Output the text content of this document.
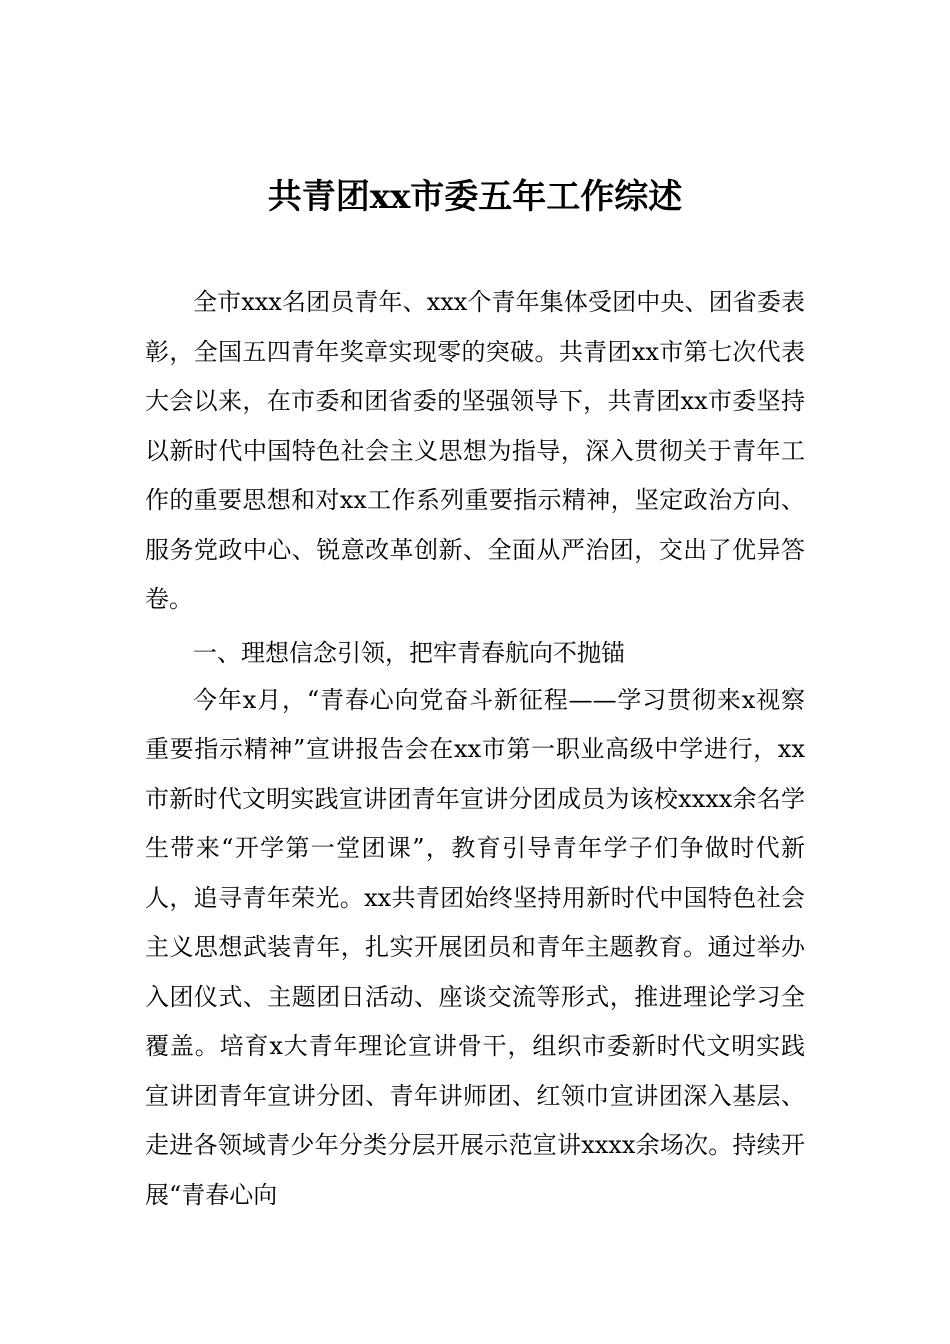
共青团xx市委五年工作综述

全市xxx名团员青年、xxx个青年集体受团中央、团省委表彰，全国五四青年奖章实现零的突破。共青团xx市第七次代表大会以来，在市委和团省委的坚强领导下，共青团xx市委坚持以新时代中国特色社会主义思想为指导，深入贯彻关于青年工作的重要思想和对xx工作系列重要指示精神，坚定政治方向、服务党政中心、锐意改革创新、全面从严治团，交出了优异答卷。

一、理想信念引领，把牢青春航向不抛锚

今年x月，“青春心向党奋斗新征程——学习贯彻来x视察重要指示精神”宣讲报告会在xx市第一职业高级中学进行，xx市新时代文明实践宣讲团青年宣讲分团成员为该校xxxx余名学生带来“开学第一堂团课”，教育引导青年学子们争做时代新人，追寻青年荣光。xx共青团始终坚持用新时代中国特色社会主义思想武装青年，扎实开展团员和青年主题教育。通过举办入团仪式、主题团日活动、座谈交流等形式，推进理论学习全覆盖。培育x大青年理论宣讲骨干，组织市委新时代文明实践宣讲团青年宣讲分团、青年讲师团、红领巾宣讲团深入基层、走进各领域青少年分类分层开展示范宣讲xxxx余场次。持续开展“青春心向
